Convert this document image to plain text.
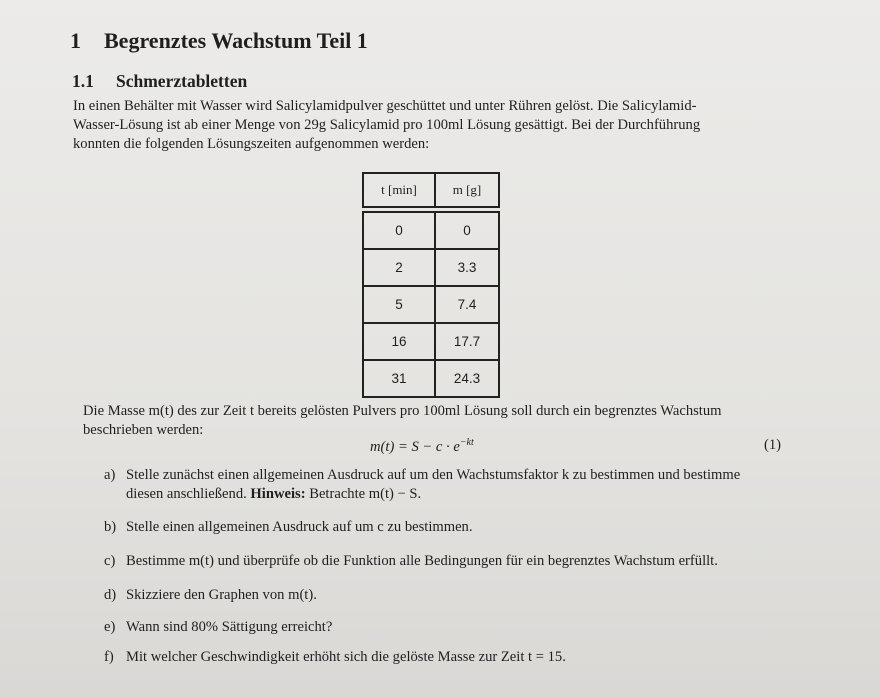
1 Begrenztes Wachstum Teil 1
1.1 Schmerztabletten

In einen Behälter mit Wasser wird Salicylamidpulver geschüttet und unter Rühren gelöst. Die Salicylamid-

Wasser-Lösung ist ab einer Menge von 29g Salicylamid pro 100ml Lösung gesättigt. Bei der Durchführung

konnten die folgenden Lösungszeiten aufgenommen werden:

t [min]	m [g]

0	0
2	3.3
5	7.4
16	17.7
31	24.3

Die Masse m(t) des zur Zeit t bereits gelösten Pulvers pro 100ml Lösung soll durch ein begrenztes Wachstum

beschrieben werden:

$m(t) = S - c \cdot e^{-kt}$	(1)
a) Stelle zunächst einen allgemeinen Ausdruck auf um den Wachstumsfaktor k zu bestimmen und bestimme
diesen anschließend. Hinweis: Betrachte m(t) − S.
b) Stelle einen allgemeinen Ausdruck auf um c zu bestimmen.
c) Bestimme m(t) und überprüfe ob die Funktion alle Bedingungen für ein begrenztes Wachstum erfüllt.
d) Skizziere den Graphen von m(t).
e) Wann sind 80% Sättigung erreicht?
f) Mit welcher Geschwindigkeit erhöht sich die gelöste Masse zur Zeit t = 15.
